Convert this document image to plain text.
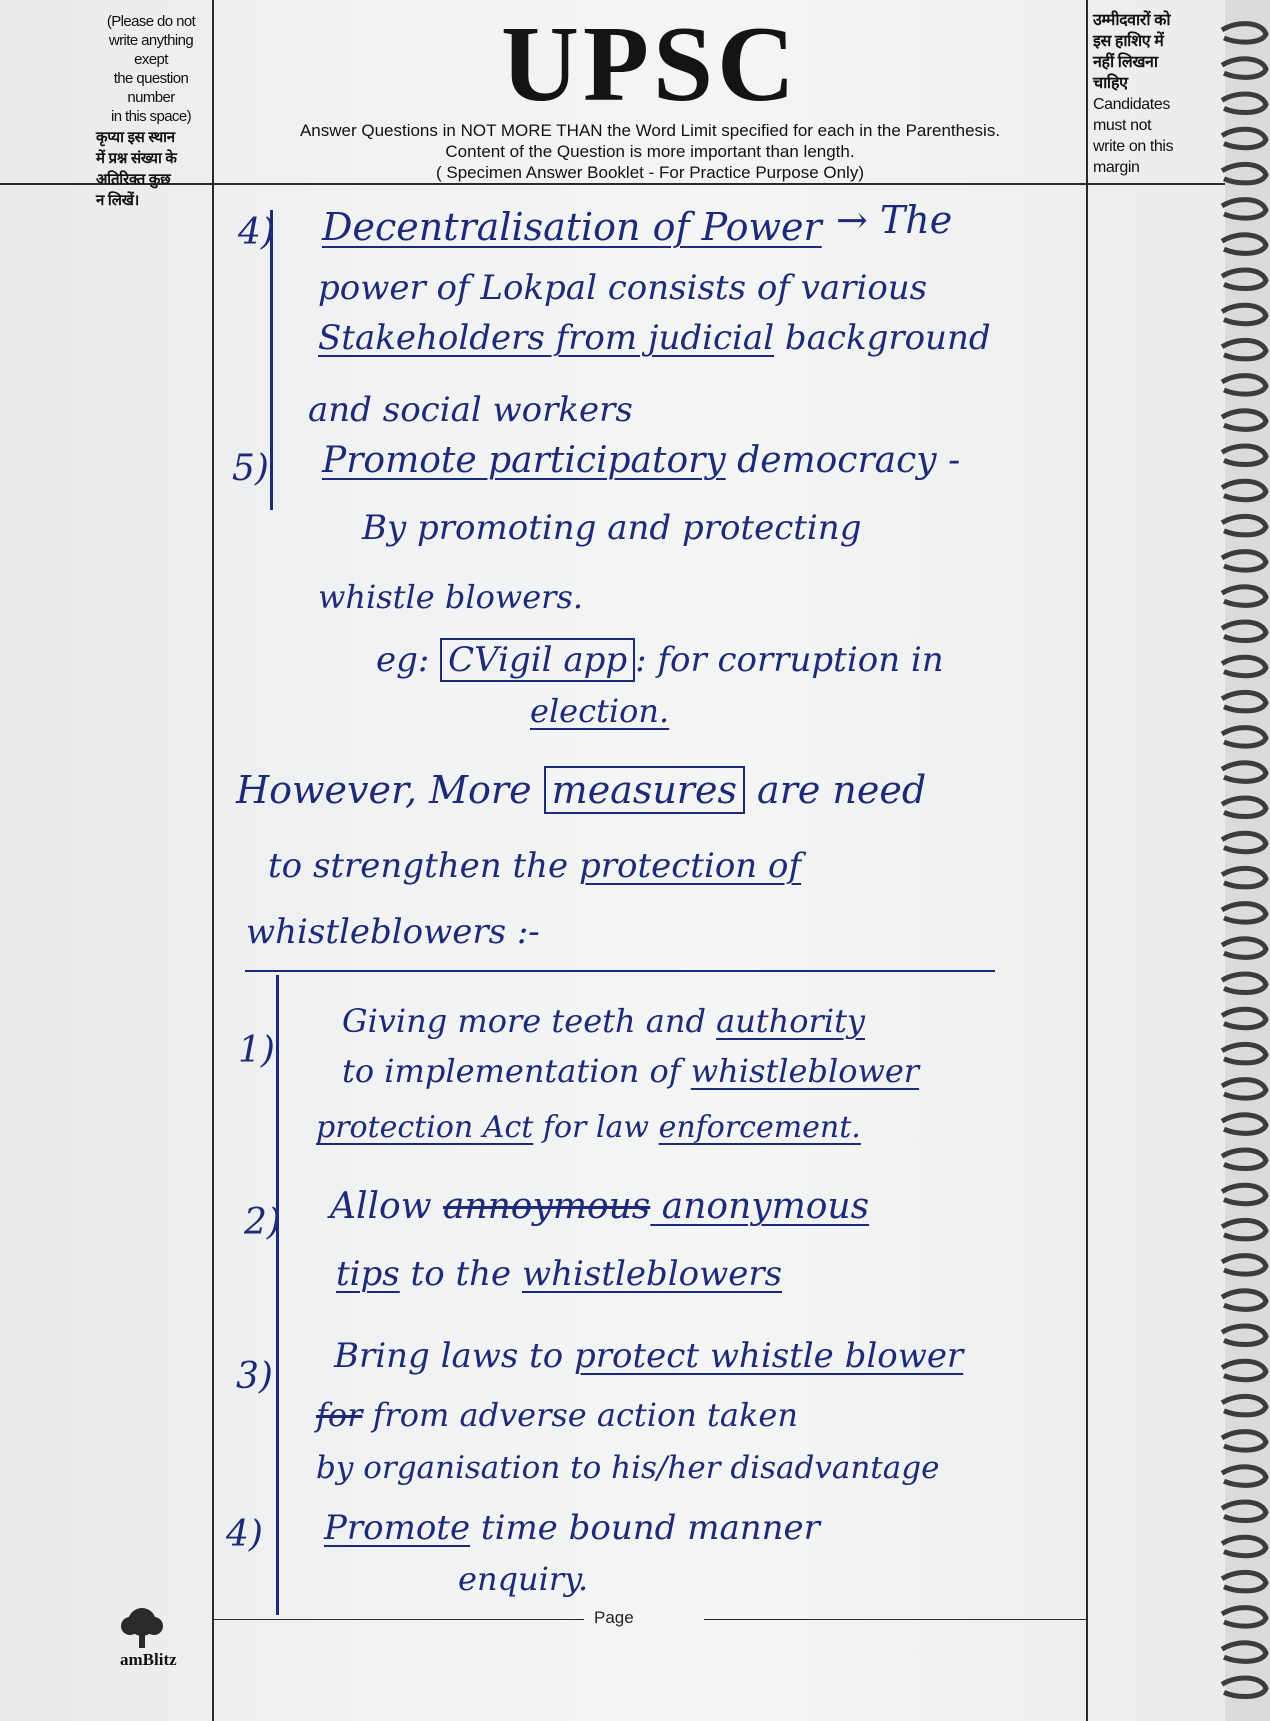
(Please do not
write anything exept
the question number
in this space)
कृप्या इस स्थान
में प्रश्न संख्या के
अतिरिक्त कुछ
न लिखें।
उम्मीदवारों को
इस हाशिए में
नहीं लिखना
चाहिए
Candidates
must not
write on this
margin
UPSC
Answer Questions in NOT MORE THAN the Word Limit specified for each in the Parenthesis.
Content of the Question is more important than length.
( Specimen Answer Booklet - For Practice Purpose Only)
4) Decentralisation of Power → The
power of Lokpal consists of various
Stakeholders from judicial background
and social workers
5) Promote participatory democracy -
By promoting and protecting
whistle blowers.
eg: CVigil app : for corruption in
election.
However, More measures are need
to strengthen the protection of
whistleblowers :-
1)
Giving more teeth and authority
to implementation of whistleblower
protection Act for law enforcement.
2) Allow annoymous anonymous
tips to the whistleblowers
3) Bring laws to protect whistle blower
for from adverse action taken
by organisation to his/her disadvantage
4) Promote time bound manner
enquiry.
Page
amBlitz
